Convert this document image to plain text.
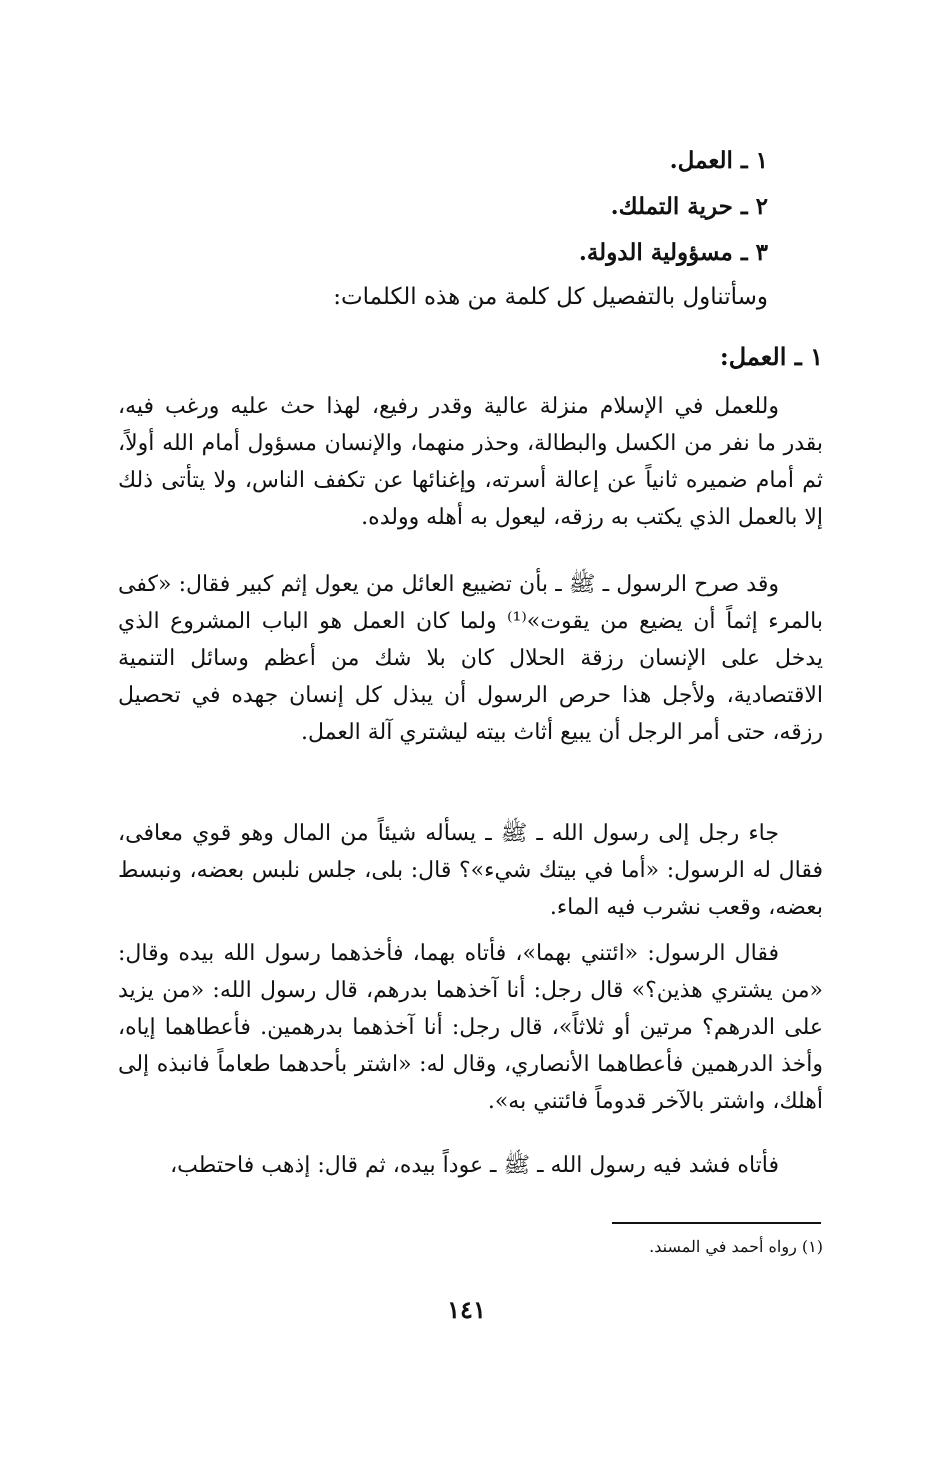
١ ـ العمل.
٢ ـ حرية التملك.
٣ ـ مسؤولية الدولة.
وسأتناول بالتفصيل كل كلمة من هذه الكلمات:
١ ـ العمل:

وللعمل في الإسلام منزلة عالية وقدر رفيع، لهذا حث عليه ورغب فيه، بقدر ما نفر من الكسل والبطالة، وحذر منهما، والإنسان مسؤول أمام الله أولاً، ثم أمام ضميره ثانياً عن إعالة أسرته، وإغنائها عن تكفف الناس، ولا يتأتى ذلك إلا بالعمل الذي يكتب به رزقه، ليعول به أهله وولده.

وقد صرح الرسول ـ ﷺ ـ بأن تضييع العائل من يعول إثم كبير فقال: «كفى بالمرء إثماً أن يضيع من يقوت»⁽¹⁾ ولما كان العمل هو الباب المشروع الذي يدخل على الإنسان رزقة الحلال كان بلا شك من أعظم وسائل التنمية الاقتصادية، ولأجل هذا حرص الرسول أن يبذل كل إنسان جهده في تحصيل رزقه، حتى أمر الرجل أن يبيع أثاث بيته ليشتري آلة العمل.

جاء رجل إلى رسول الله ـ ﷺ ـ يسأله شيئاً من المال وهو قوي معافى، فقال له الرسول: «أما في بيتك شيء»؟ قال: بلى، جلس نلبس بعضه، ونبسط بعضه، وقعب نشرب فيه الماء.

فقال الرسول: «ائتني بهما»، فأتاه بهما، فأخذهما رسول الله بيده وقال: «من يشتري هذين؟» قال رجل: أنا آخذهما بدرهم، قال رسول الله: «من يزيد على الدرهم؟ مرتين أو ثلاثاً»، قال رجل: أنا آخذهما بدرهمين. فأعطاهما إياه، وأخذ الدرهمين فأعطاهما الأنصاري، وقال له: «اشتر بأحدهما طعاماً فانبذه إلى أهلك، واشتر بالآخر قدوماً فائتني به».

فأتاه فشد فيه رسول الله ـ ﷺ ـ عوداً بيده، ثم قال: إذهب فاحتطب،

(١) رواه أحمد في المسند.
١٤١
